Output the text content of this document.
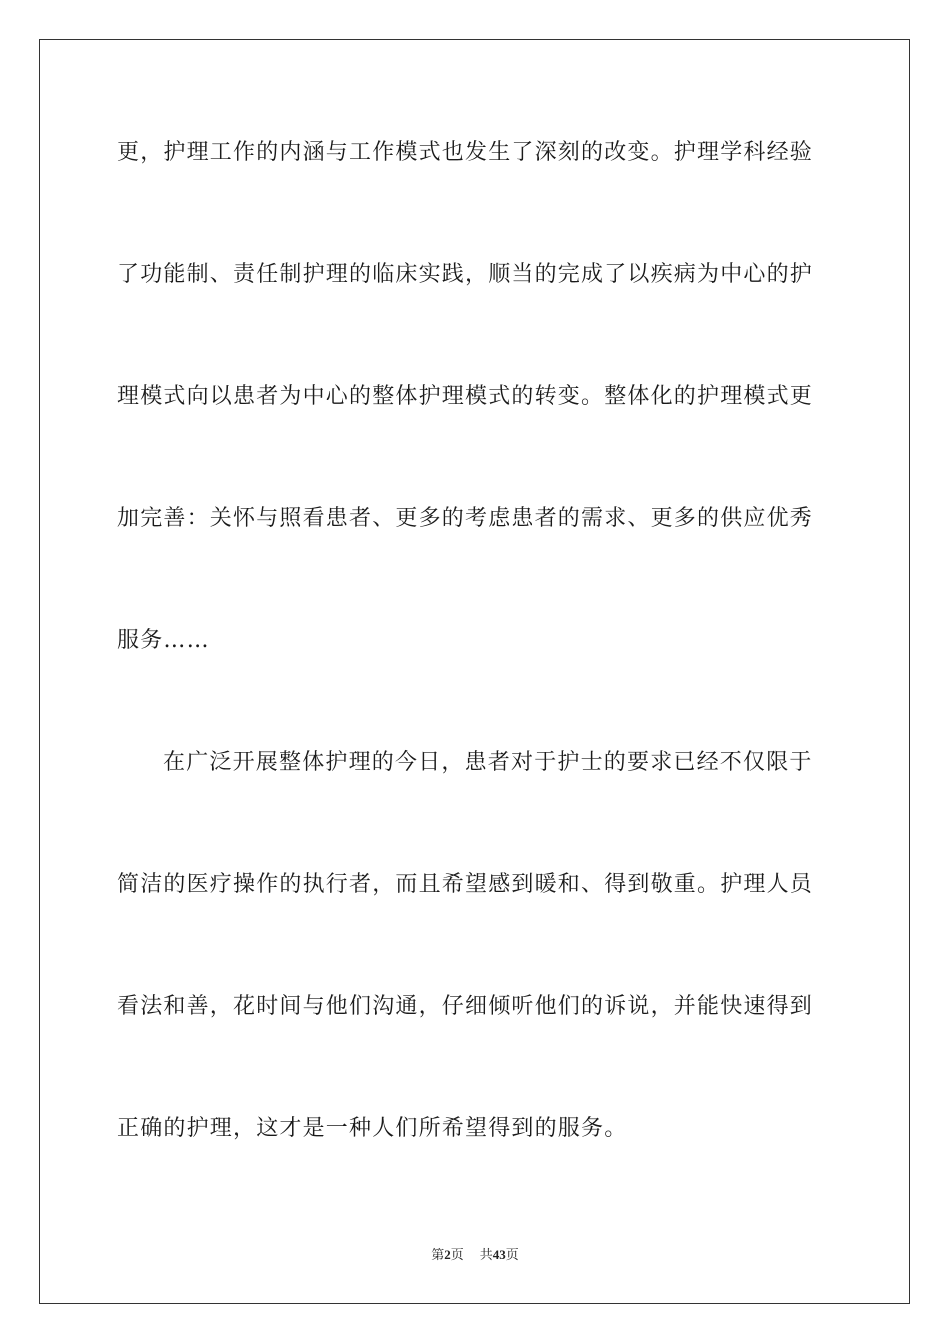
更，护理工作的内涵与工作模式也发生了深刻的改变。护理学科经验
了功能制、责任制护理的临床实践，顺当的完成了以疾病为中心的护
理模式向以患者为中心的整体护理模式的转变。整体化的护理模式更
加完善：关怀与照看患者、更多的考虑患者的需求、更多的供应优秀
服务……
在广泛开展整体护理的今日，患者对于护士的要求已经不仅限于
简洁的医疗操作的执行者，而且希望感到暖和、得到敬重。护理人员
看法和善，花时间与他们沟通，仔细倾听他们的诉说，并能快速得到
正确的护理，这才是一种人们所希望得到的服务。
第2页 共43页
